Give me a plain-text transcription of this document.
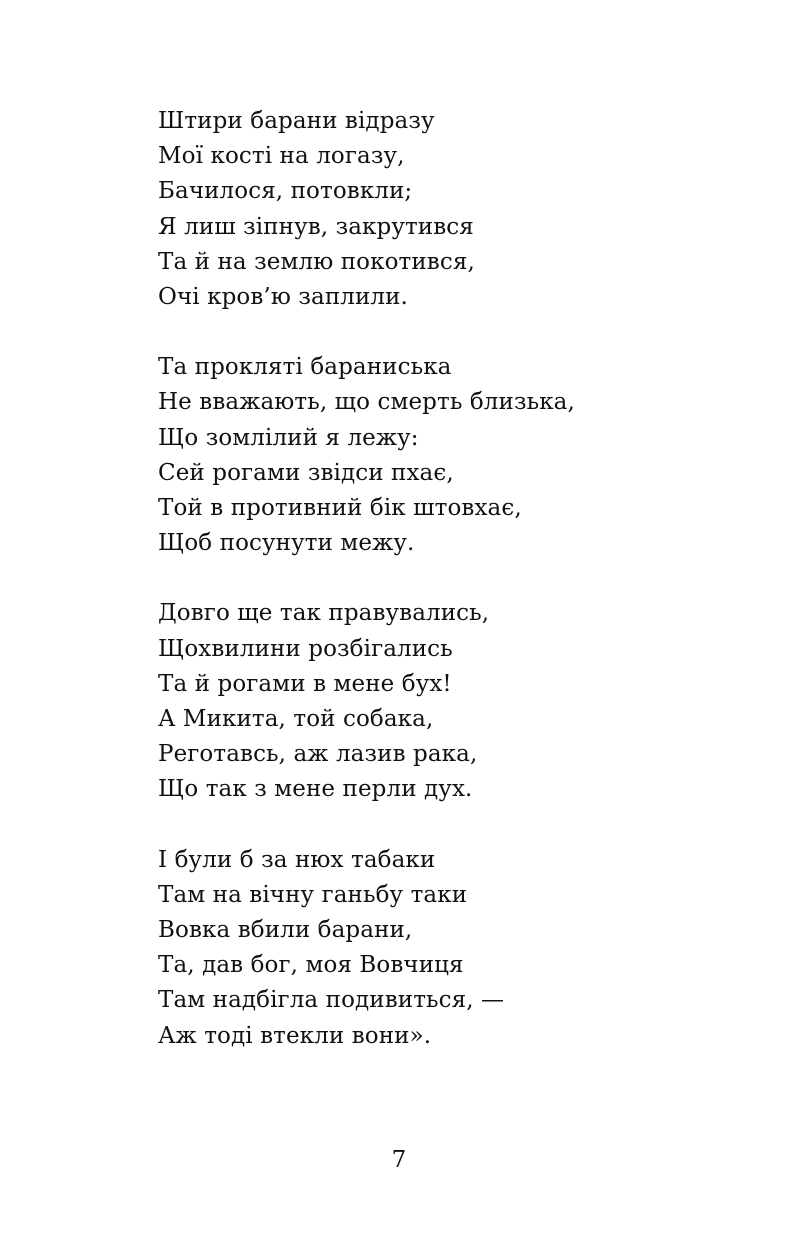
Штири барани відразу
Мої кості на логазу,
Бачилося, потовкли;
Я лиш зіпнув, закрутився
Та й на землю покотився,
Очі кров’ю заплили.
Та прокляті бараниська
Не вважають, що смерть близька,
Що зомлілий я лежу:
Сей рогами звідси пхає,
Той в противний бік штовхає,
Щоб посунути межу.
Довго ще так правувались,
Щохвилини розбігались
Та й рогами в мене бух!
А Микита, той собака,
Реготавсь, аж лазив рака,
Що так з мене перли дух.
І були б за нюх табаки
Там на вічну ганьбу таки
Вовка вбили барани,
Та, дав бог, моя Вовчиця
Там надбігла подивиться, —
Аж тоді втекли вони».
7
